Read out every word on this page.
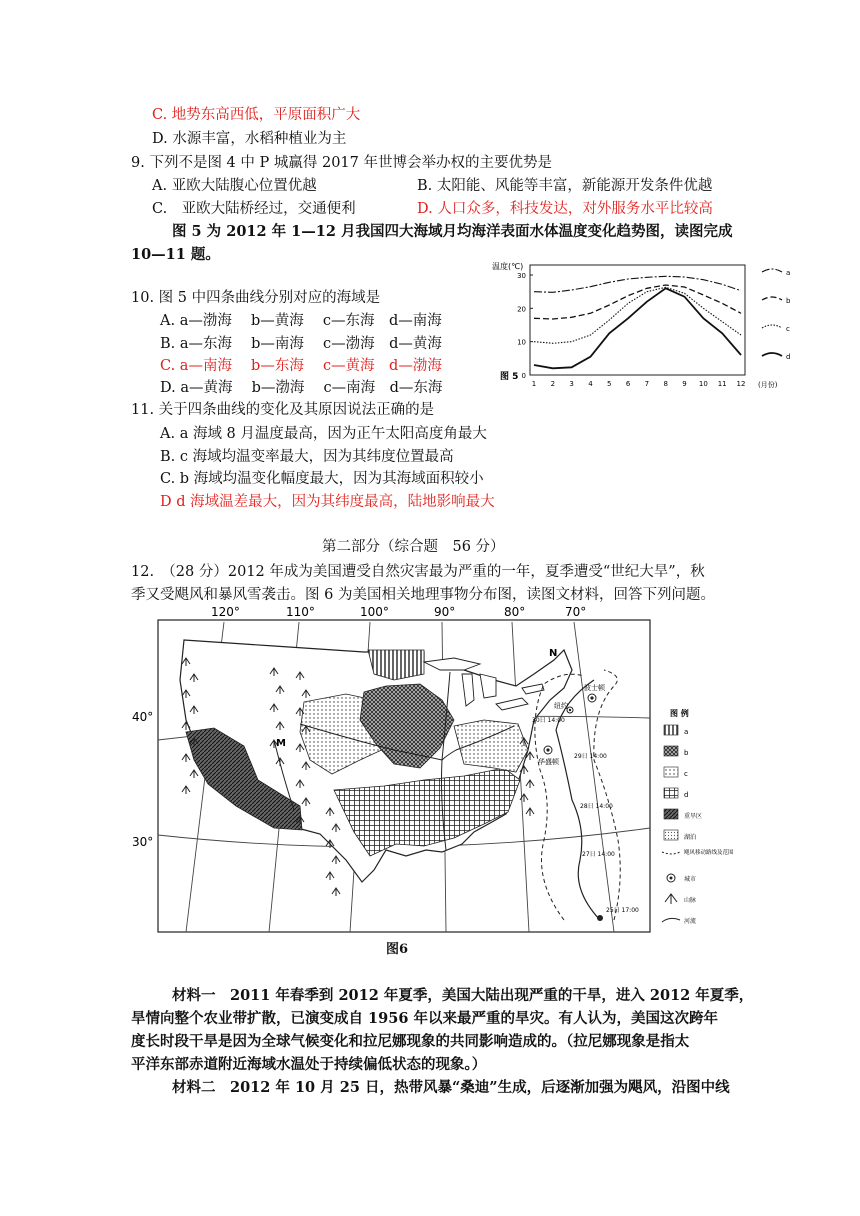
C. 地势东高西低，平原面积广大
D. 水源丰富，水稻种植业为主
9. 下列不是图 4 中 P 城赢得 2017 年世博会举办权的主要优势是
A. 亚欧大陆腹心位置优越	B. 太阳能、风能等丰富，新能源开发条件优越
C.　亚欧大陆桥经过，交通便利	D. 人口众多，科技发达，对外服务水平比较高
图 5 为 2012 年 1—12 月我国四大海域月均海洋表面水体温度变化趋势图，读图完成
10—11 题。
10. 图 5 中四条曲线分别对应的海域是
A. a—渤海　 b—黄海　 c—东海　d—南海
B. a—东海　 b—南海　 c—渤海　d—黄海
C. a—南海　 b—东海　 c—黄海　d—渤海
D. a—黄海　 b—渤海　 c—南海　d—东海
11. 关于四条曲线的变化及其原因说法正确的是
A. a 海域 8 月温度最高，因为正午太阳高度角最大
B. c 海域均温变率最大，因为其纬度位置最高
C. b 海域均温变化幅度最大，因为其海域面积较小
D d 海域温差最大，因为其纬度最高，陆地影响最大
温度(℃)
30
20
10
0
1 2 3 4 5 6 7 8 9 10 11 12
图 5
(月份)
a
b
c
d
第二部分（综合题　56 分）
12.　（28 分）2012 年成为美国遭受自然灾害最为严重的一年，夏季遭受“世纪大旱”，秋
季又受飓风和暴风雪袭击。图 6 为美国相关地理事物分布图，读图文材料，回答下列问题。
120°	110°	100°	90°	80°	70°
40°
30°
M
N
30日 14:00
29日 14:00
28日 14:00
27日 14:00
25日 17:00
波士顿
纽约
华盛顿
图 例
a
b
c
d
重旱区
湖泊
飓风移动路线及范围
城市
山脉
河流
图6
材料一　2011 年春季到 2012 年夏季，美国大陆出现严重的干旱，进入 2012 年夏季，
旱情向整个农业带扩散，已演变成自 1956 年以来最严重的旱灾。有人认为，美国这次跨年
度长时段干旱是因为全球气候变化和拉尼娜现象的共同影响造成的。（拉尼娜现象是指太
平洋东部赤道附近海域水温处于持续偏低状态的现象。）
材料二　2012 年 10 月 25 日，热带风暴“桑迪”生成，后逐渐加强为飓风，沿图中线
